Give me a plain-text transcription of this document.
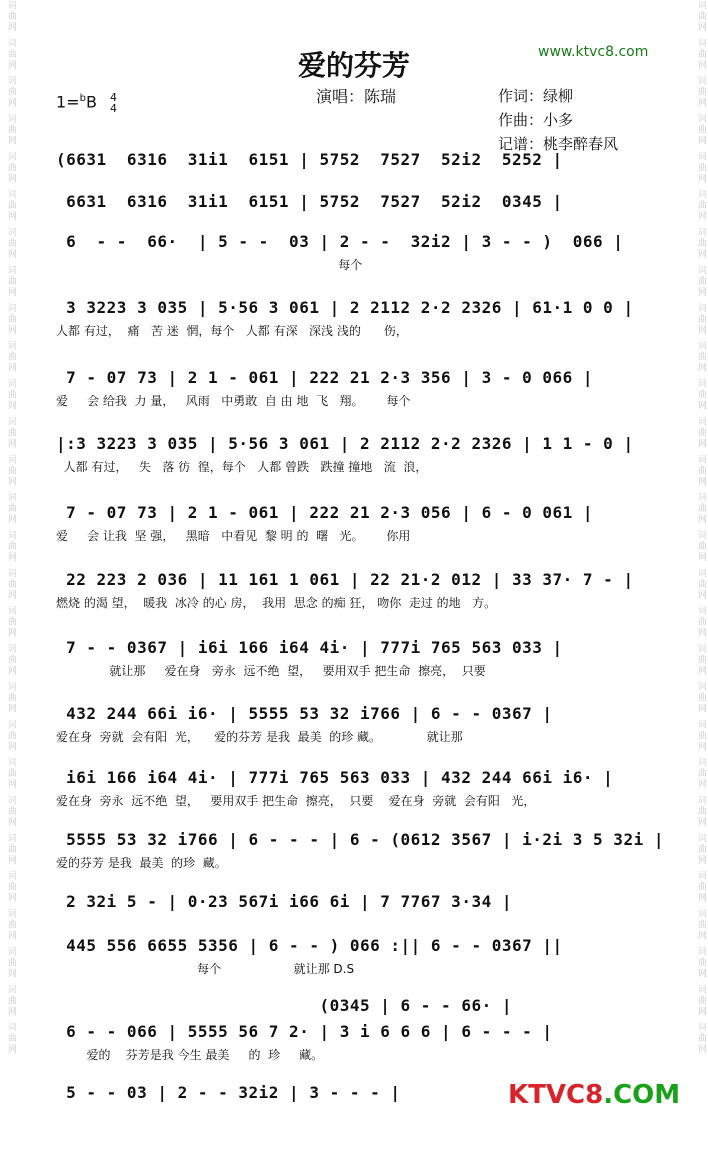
词曲网 词曲网 词曲网 词曲网 词曲网 词曲网 词曲网 词曲网 词曲网 词曲网 词曲网 词曲网 词曲网 词曲网 词曲网 词曲网 词曲网 词曲网 词曲网 词曲网 词曲网 词曲网 词曲网 词曲网 词曲网 词曲网 词曲网 词曲网	词曲网 词曲网 词曲网 词曲网 词曲网 词曲网 词曲网 词曲网 词曲网 词曲网 词曲网 词曲网 词曲网 词曲网 词曲网 词曲网 词曲网 词曲网 词曲网 词曲网 词曲网 词曲网 词曲网 词曲网 词曲网 词曲网 词曲网 词曲网
爱的芬芳	www.ktvc8.com
1=$^b$B 4
4
演唱：陈瑞	作词：绿柳
作曲：小多
记谱：桃李醉春风
(6631  6316  31i1  6151 | 5752  7527  52i2  5252 |
6631  6316  31i1  6151 | 5752  7527  52i2  0345 |
6  - -  66·  | 5 - -  03 | 2 - -  32i2 | 3 - - )  066 |
每个
3 3223 3 035 | 5·56 3 061 | 2 2112 2·2 2326 | 61·1 0 0 |
人都 有过，  痛   苦 迷  惘，每个   人都 有深   深浅 浅的      伤，
7 - 07 73 | 2 1 - 061 | 222 21 2·3 356 | 3 - 0 066 |
爱     会 给我  力 量，   风雨   中勇敢  自 由 地  飞   翔。      每个
|:3 3223 3 035 | 5·56 3 061 | 2 2112 2·2 2326 | 1 1 - 0 |
人都 有过，   失   落 彷  徨，每个   人都 曾跌   跌撞 撞地   流  浪，
7 - 07 73 | 2 1 - 061 | 222 21 2·3 056 | 6 - 0 061 |
爱     会 让我  坚 强，   黑暗   中看见  黎 明 的  曙   光。      你用
22 223 2 036 | 11 161 1 061 | 22 21·2 012 | 33 37· 7 - |
燃烧 的渴 望，  暖我  冰冷 的心 房，  我用  思念 的痴 狂， 吻你  走过 的地   方。
7 - - 0367 | i6i 166 i64 4i· | 777i 765 563 033 |
就让那     爱在身   旁永  远不绝  望，   要用双手 把生命  擦亮，  只要
432 244 66i i6· | 5555 53 32 i766 | 6 - - 0367 |
爱在身  旁就  会有阳  光，    爱的芬芳 是我  最美  的珍 藏。            就让那
i6i 166 i64 4i· | 777i 765 563 033 | 432 244 66i i6· |
爱在身  旁永  远不绝  望，   要用双手 把生命  擦亮，  只要    爱在身  旁就  会有阳   光，
5555 53 32 i766 | 6 - - - | 6 - (0612 3567 | i·2i 3 5 32i |
爱的芬芳 是我  最美  的珍  藏。
2 32i 5 - | 0·23 567i i66 6i | 7 7767 3·34 |
445 556 6655 5356 | 6 - - ) 066 :|| 6 - - 0367 ||
每个                   就让那 D.S
(0345 | 6 - - 66· |
6 - - 066 | 5555 56 7 2· | 3 i 6 6 6 | 6 - - - |
爱的    芬芳是我 今生 最美     的  珍     藏。
5 - - 03 | 2 - - 32i2 | 3 - - - |	KTVC8.COM
